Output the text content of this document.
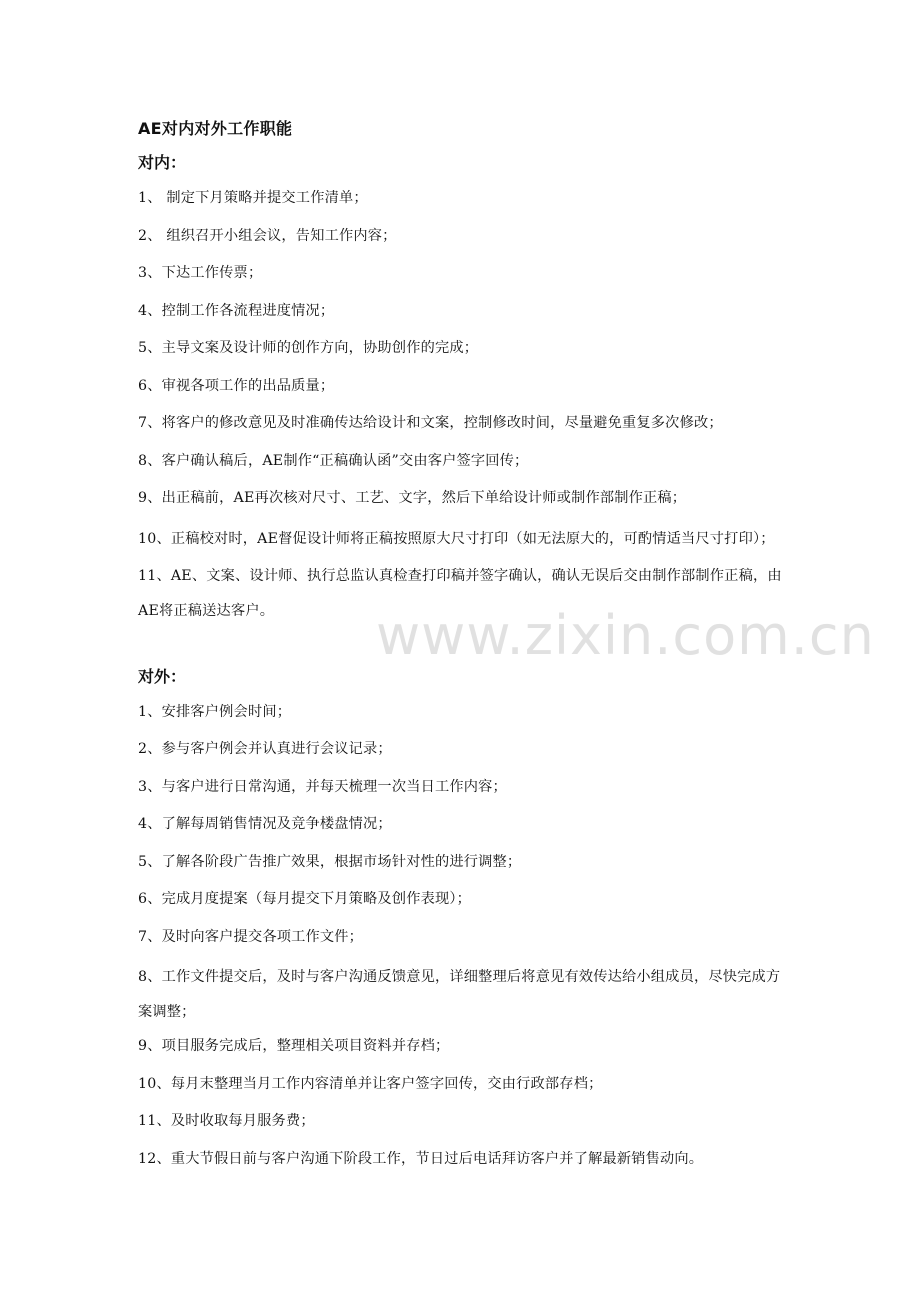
AE对内对外工作职能
对内：
1、 制定下月策略并提交工作清单；
2、 组织召开小组会议，告知工作内容；
3、下达工作传票；
4、控制工作各流程进度情况；
5、主导文案及设计师的创作方向，协助创作的完成；
6、审视各项工作的出品质量；
7、将客户的修改意见及时准确传达给设计和文案，控制修改时间，尽量避免重复多次修改；
8、客户确认稿后，AE制作“正稿确认函”交由客户签字回传；
9、出正稿前，AE再次核对尺寸、工艺、文字，然后下单给设计师或制作部制作正稿；
10、正稿校对时，AE督促设计师将正稿按照原大尺寸打印（如无法原大的，可酌情适当尺寸打印）；
11、AE、文案、设计师、执行总监认真检查打印稿并签字确认，确认无误后交由制作部制作正稿，由AE将正稿送达客户。
对外：
1、安排客户例会时间；
2、参与客户例会并认真进行会议记录；
3、与客户进行日常沟通，并每天梳理一次当日工作内容；
4、了解每周销售情况及竞争楼盘情况；
5、了解各阶段广告推广效果，根据市场针对性的进行调整；
6、完成月度提案（每月提交下月策略及创作表现）；
7、及时向客户提交各项工作文件；
8、工作文件提交后，及时与客户沟通反馈意见，详细整理后将意见有效传达给小组成员，尽快完成方案调整；
9、项目服务完成后，整理相关项目资料并存档；
10、每月末整理当月工作内容清单并让客户签字回传，交由行政部存档；
11、及时收取每月服务费；
12、重大节假日前与客户沟通下阶段工作，节日过后电话拜访客户并了解最新销售动向。
www.zixin.com.cn
